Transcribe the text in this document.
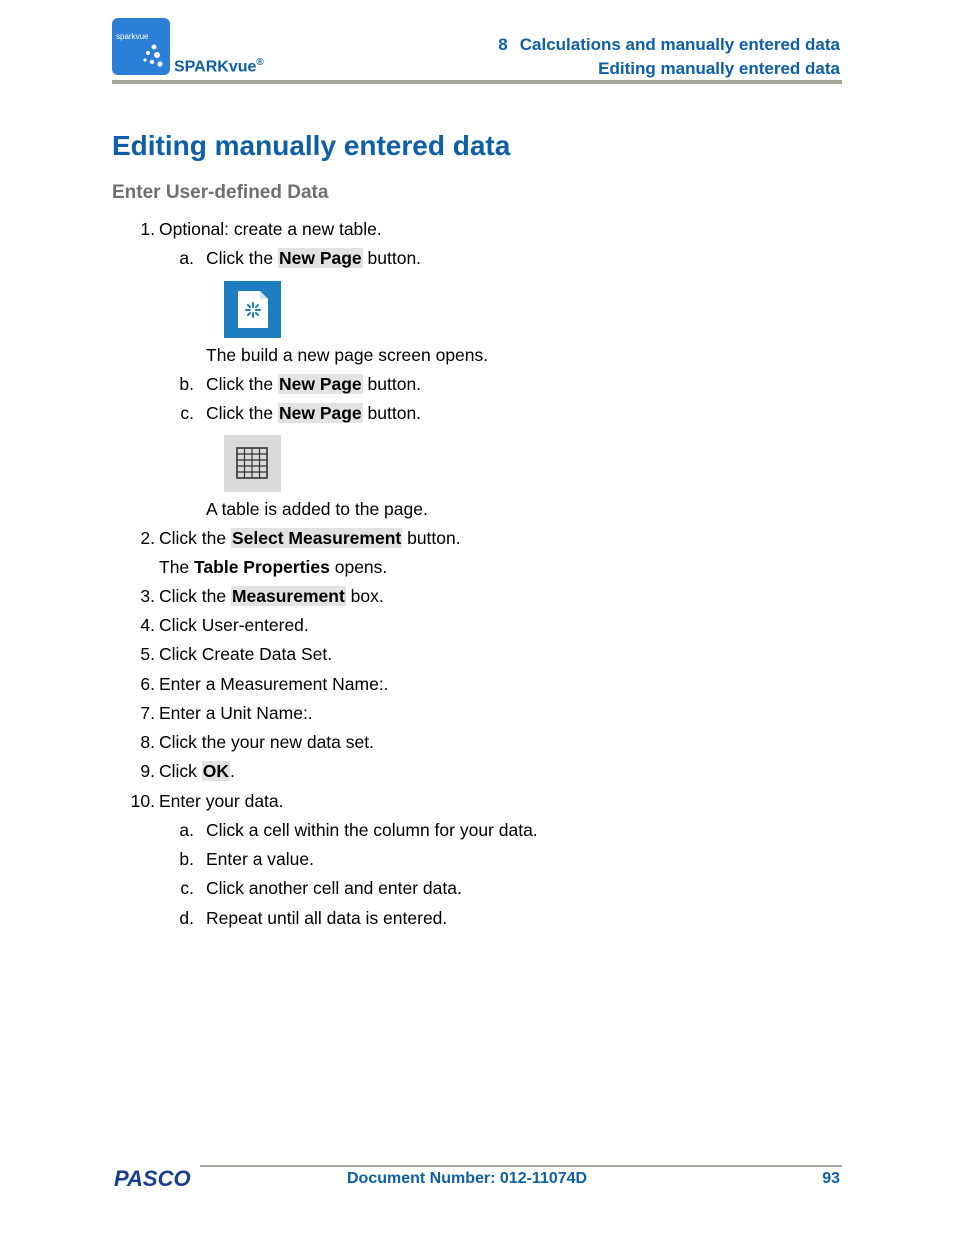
sparkvue
SPARKvue®
8 Calculations and manually entered data
Editing manually entered data
Editing manually entered data
Enter User-defined Data
1. Optional: create a new table.
a. Click the New Page button.
The build a new page screen opens.
b. Click the New Page button.
c. Click the New Page button.
A table is added to the page.
2. Click the Select Measurement button.
The Table Properties opens.
3. Click the Measurement box.
4. Click User-entered.
5. Click Create Data Set.
6. Enter a Measurement Name:.
7. Enter a Unit Name:.
8. Click the your new data set.
9. Click OK.
10. Enter your data.
a. Click a cell within the column for your data.
b. Enter a value.
c. Click another cell and enter data.
d. Repeat until all data is entered.
PASCO	Document Number: 012-11074D	93
